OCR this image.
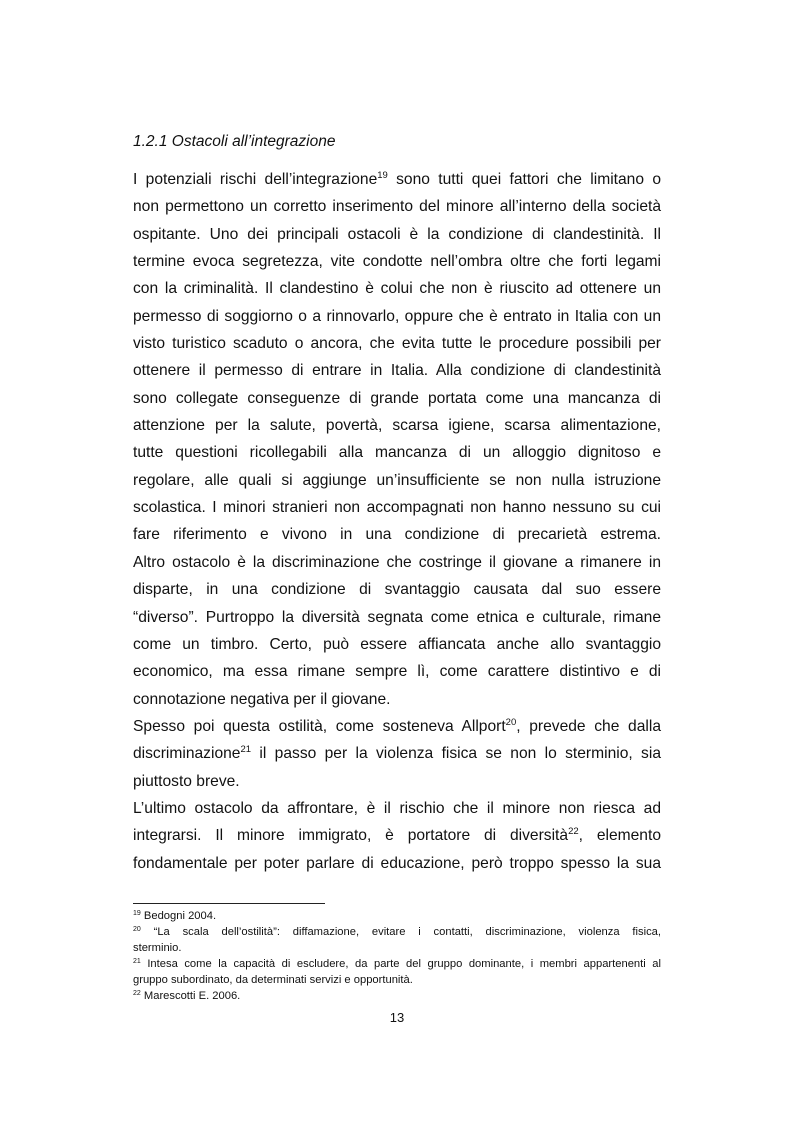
1.2.1 Ostacoli all’integrazione
I potenziali rischi dell’integrazione$^{19}$ sono tutti quei fattori che limitano o
non permettono un corretto inserimento del minore all’interno della società
ospitante. Uno dei principali ostacoli è la condizione di clandestinità. Il
termine evoca segretezza, vite condotte nell’ombra oltre che forti legami
con la criminalità. Il clandestino è colui che non è riuscito ad ottenere un
permesso di soggiorno o a rinnovarlo, oppure che è entrato in Italia con un
visto turistico scaduto o ancora, che evita tutte le procedure possibili per
ottenere il permesso di entrare in Italia. Alla condizione di clandestinità
sono collegate conseguenze di grande portata come una mancanza di
attenzione per la salute, povertà, scarsa igiene, scarsa alimentazione,
tutte questioni ricollegabili alla mancanza di un alloggio dignitoso e
regolare, alle quali si aggiunge un’insufficiente se non nulla istruzione
scolastica. I minori stranieri non accompagnati non hanno nessuno su cui
fare riferimento e vivono in una condizione di precarietà estrema.
Altro ostacolo è la discriminazione che costringe il giovane a rimanere in
disparte, in una condizione di svantaggio causata dal suo essere
“diverso”. Purtroppo la diversità segnata come etnica e culturale, rimane
come un timbro. Certo, può essere affiancata anche allo svantaggio
economico, ma essa rimane sempre lì, come carattere distintivo e di
connotazione negativa per il giovane.
Spesso poi questa ostilità, come sosteneva Allport$^{20}$, prevede che dalla
discriminazione$^{21}$ il passo per la violenza fisica se non lo sterminio, sia
piuttosto breve.
L’ultimo ostacolo da affrontare, è il rischio che il minore non riesca ad
integrarsi. Il minore immigrato, è portatore di diversità$^{22}$, elemento
fondamentale per poter parlare di educazione, però troppo spesso la sua
$^{19}$ Bedogni 2004.
$^{20}$ “La scala dell’ostilità”: diffamazione, evitare i contatti, discriminazione, violenza fisica,
sterminio.
$^{21}$ Intesa come la capacità di escludere, da parte del gruppo dominante, i membri appartenenti al
gruppo subordinato, da determinati servizi e opportunità.
$^{22}$ Marescotti E. 2006.
13
